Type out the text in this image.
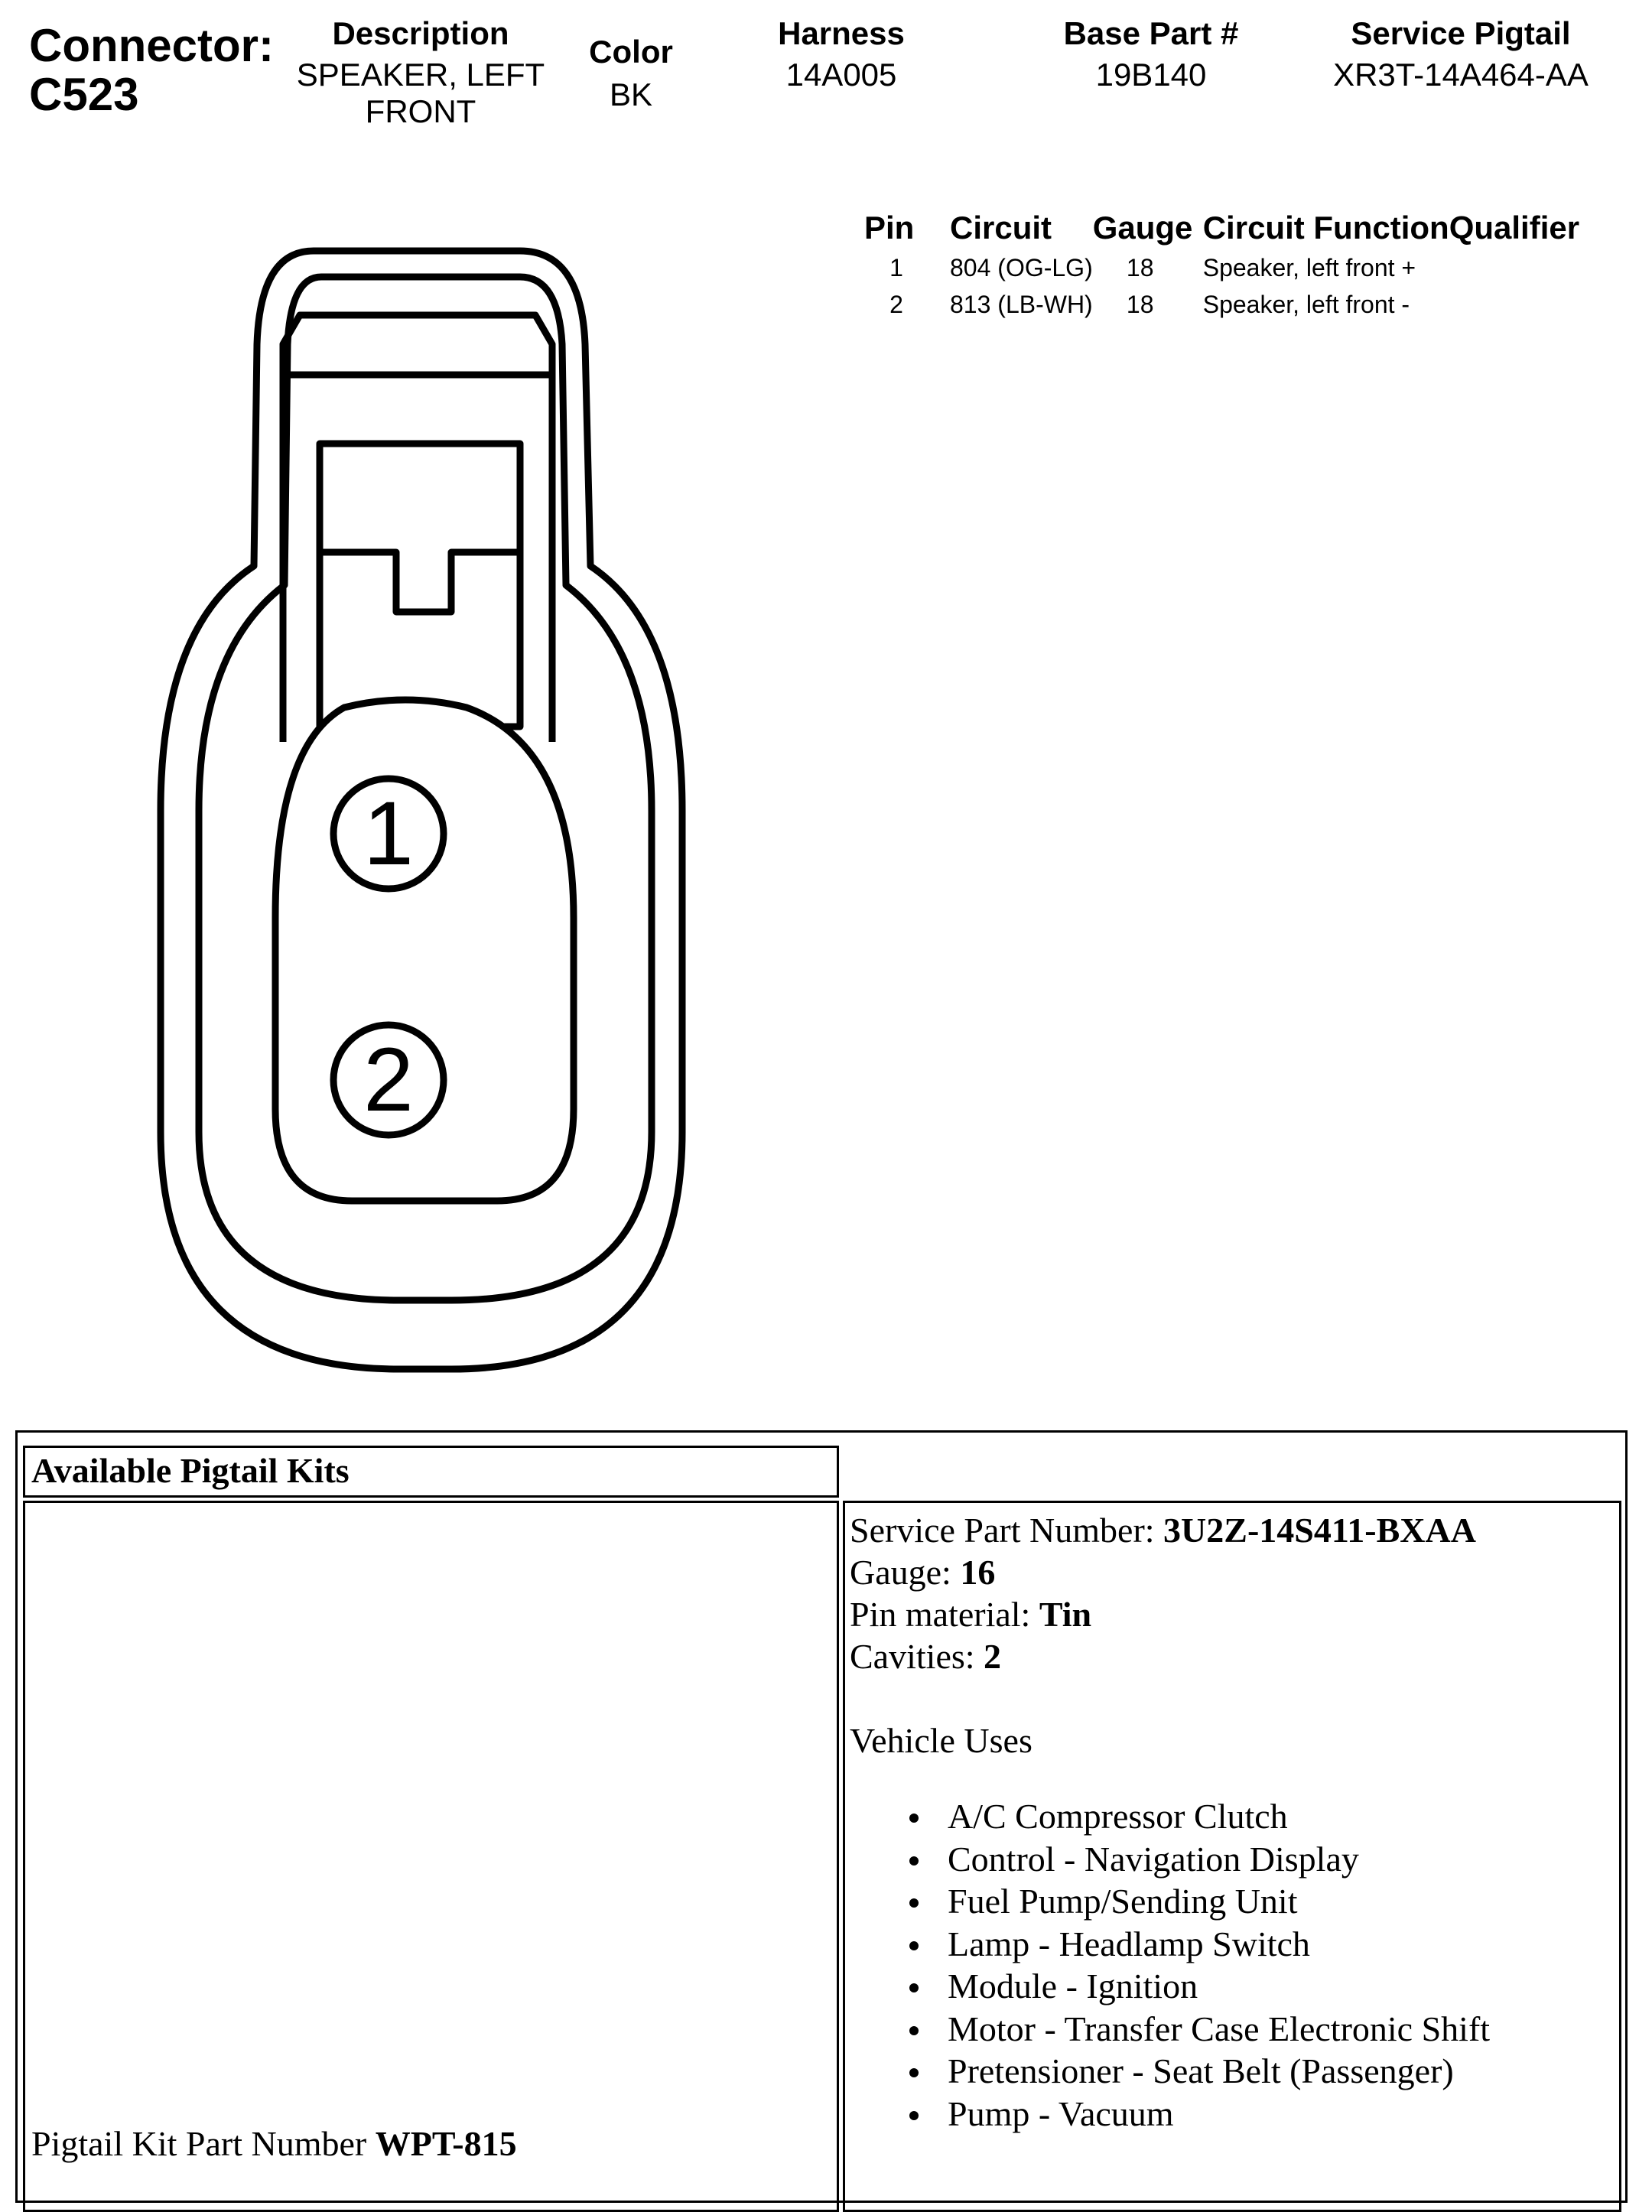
Connector:
C523
Description
SPEAKER, LEFT
FRONT
Color
BK
Harness
14A005
Base Part #
19B140
Service Pigtail
XR3T-14A464-AA
Pin	Circuit	Gauge	Circuit Function	Qualifier
1	804 (OG-LG)	18	Speaker, left front +	
2	813 (LB-WH)	18	Speaker, left front -	
1
2
Available Pigtail Kits
Pigtail Kit Part Number WPT-815
Service Part Number: 3U2Z-14S411-BXAA
Gauge: 16
Pin material: Tin
Cavities: 2
Vehicle Uses
A/C Compressor Clutch
Control - Navigation Display
Fuel Pump/Sending Unit
Lamp - Headlamp Switch
Module - Ignition
Motor - Transfer Case Electronic Shift
Pretensioner - Seat Belt (Passenger)
Pump - Vacuum
